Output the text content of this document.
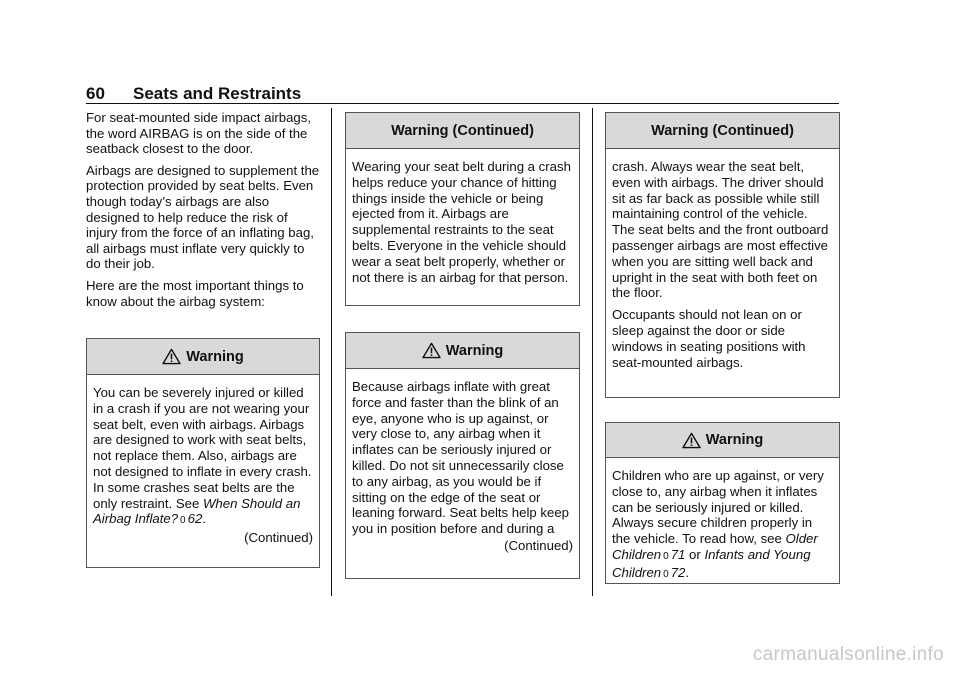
60 Seats and Restraints

For seat-mounted side impact airbags, the word AIRBAG is on the side of the seatback closest to the door.

Airbags are designed to supplement the protection provided by seat belts. Even though today’s airbags are also designed to help reduce the risk of injury from the force of an inflating bag, all airbags must inflate very quickly to do their job.

Here are the most important things to know about the airbag system:

Warning
You can be severely injured or killed in a crash if you are not wearing your seat belt, even with airbags. Airbags are designed to work with seat belts, not replace them. Also, airbags are not designed to inflate in every crash. In some crashes seat belts are the only restraint. See When Should an Airbag Inflate? 0 62.
(Continued)
Warning (Continued)
Wearing your seat belt during a crash helps reduce your chance of hitting things inside the vehicle or being ejected from it. Airbags are supplemental restraints to the seat belts. Everyone in the vehicle should wear a seat belt properly, whether or not there is an airbag for that person.
Warning
Because airbags inflate with great force and faster than the blink of an eye, anyone who is up against, or very close to, any airbag when it inflates can be seriously injured or killed. Do not sit unnecessarily close to any airbag, as you would be if sitting on the edge of the seat or leaning forward. Seat belts help keep you in position before and during a
(Continued)
Warning (Continued)

crash. Always wear the seat belt, even with airbags. The driver should sit as far back as possible while still maintaining control of the vehicle. The seat belts and the front outboard passenger airbags are most effective when you are sitting well back and upright in the seat with both feet on the floor.

Occupants should not lean on or sleep against the door or side windows in seating positions with seat-mounted airbags.

Warning
Children who are up against, or very close to, any airbag when it inflates can be seriously injured or killed. Always secure children properly in the vehicle. To read how, see Older Children 0 71 or Infants and Young Children 0 72.
carmanualsonline.info
